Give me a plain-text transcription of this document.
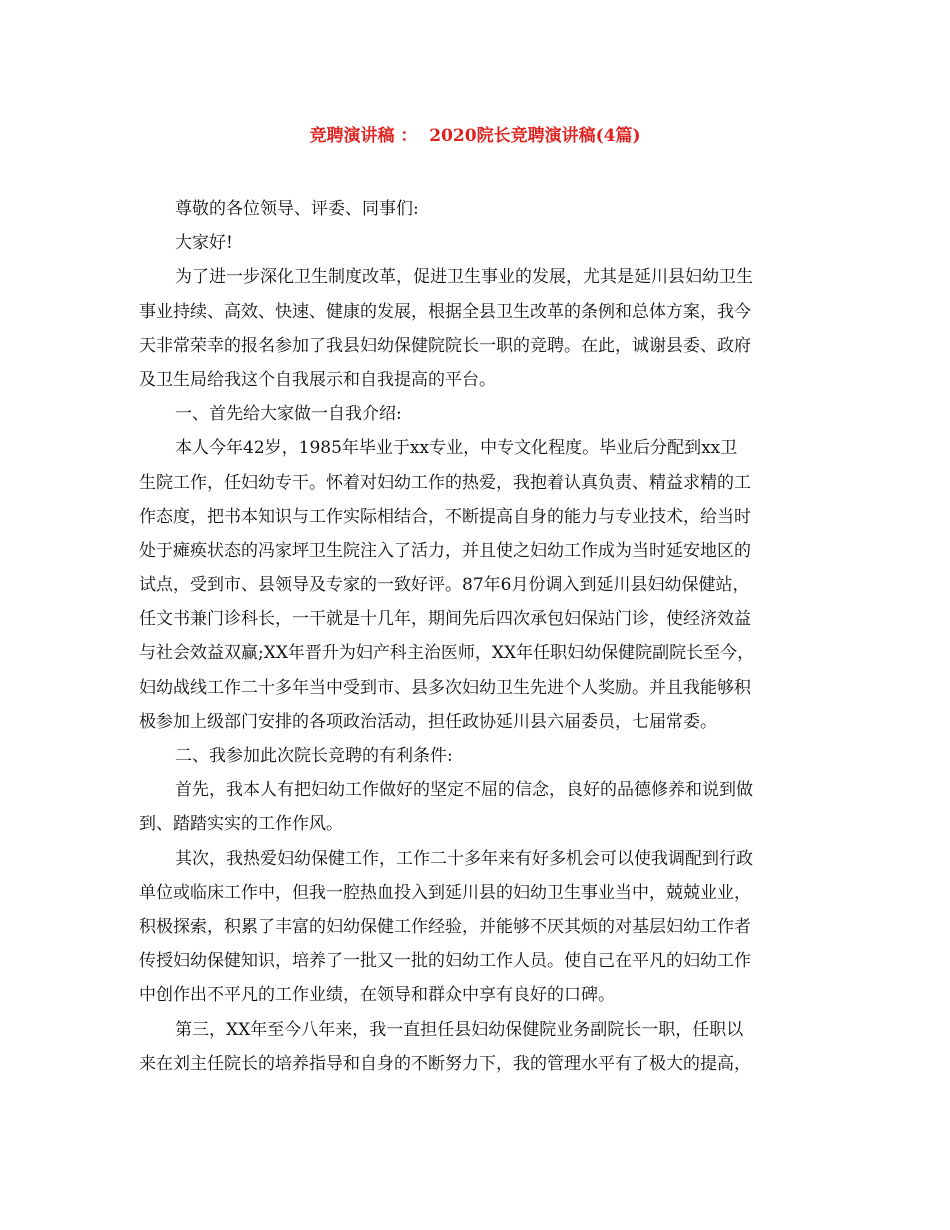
竞聘演讲稿 ：  2020院长竞聘演讲稿(4篇)
尊敬的各位领导、评委、同事们:
大家好!
为了进一步深化卫生制度改革，促进卫生事业的发展，尤其是延川县妇幼卫生
事业持续、高效、快速、健康的发展，根据全县卫生改革的条例和总体方案，我今
天非常荣幸的报名参加了我县妇幼保健院院长一职的竞聘。在此，诚谢县委、政府
及卫生局给我这个自我展示和自我提高的平台。
一、首先给大家做一自我介绍:
本人今年42岁，1985年毕业于xx专业，中专文化程度。毕业后分配到xx卫
生院工作，任妇幼专干。怀着对妇幼工作的热爱，我抱着认真负责、精益求精的工
作态度，把书本知识与工作实际相结合，不断提高自身的能力与专业技术，给当时
处于瘫痪状态的冯家坪卫生院注入了活力，并且使之妇幼工作成为当时延安地区的
试点，受到市、县领导及专家的一致好评。87年6月份调入到延川县妇幼保健站，
任文书兼门诊科长，一干就是十几年，期间先后四次承包妇保站门诊，使经济效益
与社会效益双赢;XX年晋升为妇产科主治医师，XX年任职妇幼保健院副院长至今，
妇幼战线工作二十多年当中受到市、县多次妇幼卫生先进个人奖励。并且我能够积
极参加上级部门安排的各项政治活动，担任政协延川县六届委员，七届常委。
二、我参加此次院长竞聘的有利条件:
首先，我本人有把妇幼工作做好的坚定不屈的信念，良好的品德修养和说到做
到、踏踏实实的工作作风。
其次，我热爱妇幼保健工作，工作二十多年来有好多机会可以使我调配到行政
单位或临床工作中，但我一腔热血投入到延川县的妇幼卫生事业当中，兢兢业业，
积极探索，积累了丰富的妇幼保健工作经验，并能够不厌其烦的对基层妇幼工作者
传授妇幼保健知识，培养了一批又一批的妇幼工作人员。使自己在平凡的妇幼工作
中创作出不平凡的工作业绩，在领导和群众中享有良好的口碑。
第三，XX年至今八年来，我一直担任县妇幼保健院业务副院长一职，任职以
来在刘主任院长的培养指导和自身的不断努力下，我的管理水平有了极大的提高，
